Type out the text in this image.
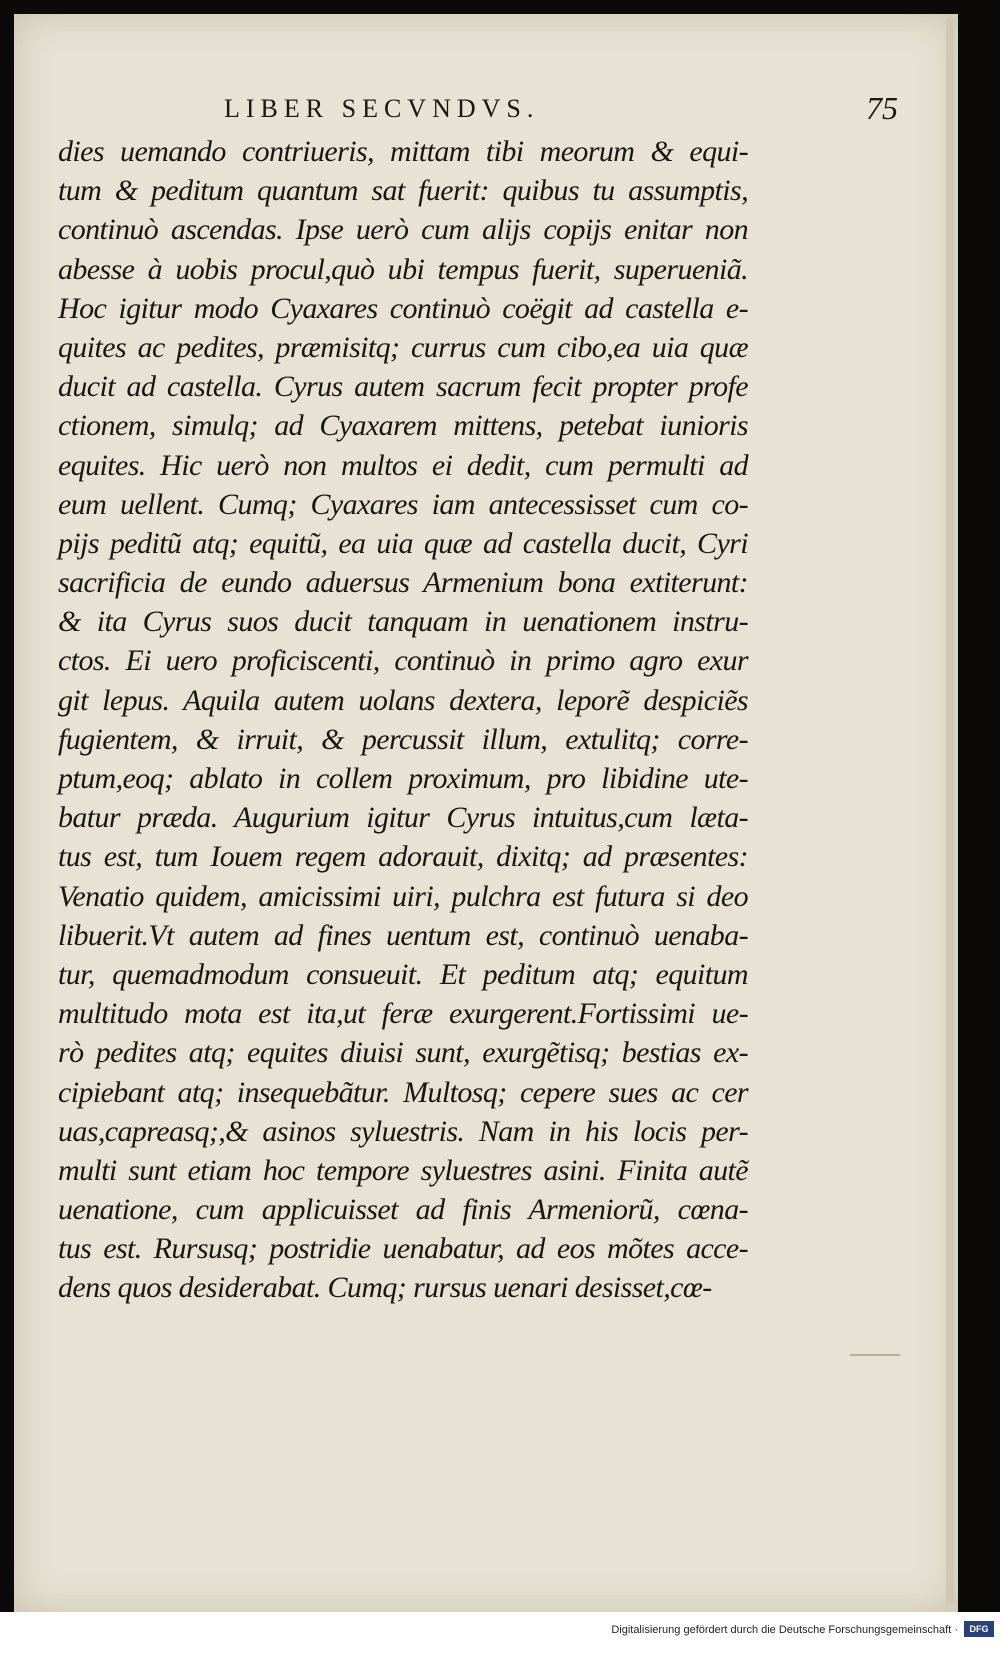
LIBER SECVNDVS.	75
dies uemando contriueris, mittam tibi meorum & equi-
tum & peditum quantum sat fuerit: quibus tu assumptis,
continuò ascendas. Ipse uerò cum alijs copijs enitar non
abesse à uobis procul,quò ubi tempus fuerit, superueniã.
Hoc igitur modo Cyaxares continuò coëgit ad castella e-
quites ac pedites, præmisitq; currus cum cibo,ea uia quæ
ducit ad castella. Cyrus autem sacrum fecit propter profe
ctionem, simulq; ad Cyaxarem mittens, petebat iunioris
equites. Hic uerò non multos ei dedit, cum permulti ad
eum uellent. Cumq; Cyaxares iam antecessisset cum co-
pijs peditũ atq; equitũ, ea uia quæ ad castella ducit, Cyri
sacrificia de eundo aduersus Armenium bona extiterunt:
& ita Cyrus suos ducit tanquam in uenationem instru-
ctos. Ei uero proficiscenti, continuò in primo agro exur
git lepus. Aquila autem uolans dextera, leporẽ despiciẽs
fugientem, & irruit, & percussit illum, extulitq; corre-
ptum,eoq; ablato in collem proximum, pro libidine ute-
batur præda. Augurium igitur Cyrus intuitus,cum læta-
tus est, tum Iouem regem adorauit, dixitq; ad præsentes:
Venatio quidem, amicissimi uiri, pulchra est futura si deo
libuerit.Vt autem ad fines uentum est, continuò uenaba-
tur, quemadmodum consueuit. Et peditum atq; equitum
multitudo mota est ita,ut feræ exurgerent.Fortissimi ue-
rò pedites atq; equites diuisi sunt, exurgẽtisq; bestias ex-
cipiebant atq; insequebãtur. Multosq; cepere sues ac cer
uas,capreasq;,& asinos syluestris. Nam in his locis per-
multi sunt etiam hoc tempore syluestres asini. Finita autẽ
uenatione, cum applicuisset ad finis Armeniorũ, cœna-
tus est. Rursusq; postridie uenabatur, ad eos mõtes acce-
dens quos desiderabat. Cumq; rursus uenari desisset,cœ-
Digitalisierung gefördert durch die Deutsche Forschungsgemeinschaft ·	DFG
